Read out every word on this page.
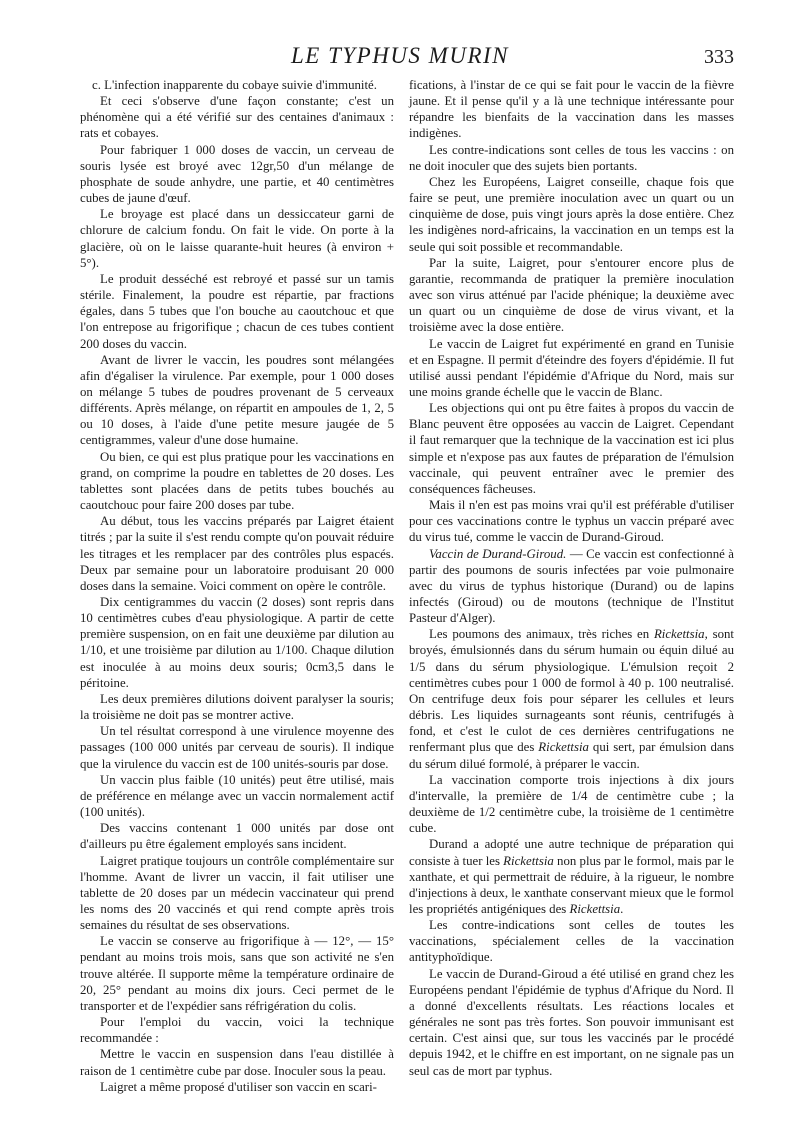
LE TYPHUS MURIN	333

c. L'infection inapparente du cobaye suivie d'immunité.

Et ceci s'observe d'une façon constante; c'est un phénomène qui a été vérifié sur des centaines d'animaux : rats et cobayes.

Pour fabriquer 1 000 doses de vaccin, un cerveau de souris lysée est broyé avec 12gr,50 d'un mélange de phosphate de soude anhydre, une partie, et 40 centimètres cubes de jaune d'œuf.

Le broyage est placé dans un dessiccateur garni de chlorure de calcium fondu. On fait le vide. On porte à la glacière, où on le laisse quarante-huit heures (à environ + 5°).

Le produit desséché est rebroyé et passé sur un tamis stérile. Finalement, la poudre est répartie, par fractions égales, dans 5 tubes que l'on bouche au caoutchouc et que l'on entrepose au frigorifique ; chacun de ces tubes contient 200 doses du vaccin.

Avant de livrer le vaccin, les poudres sont mélangées afin d'égaliser la virulence. Par exemple, pour 1 000 doses on mélange 5 tubes de poudres provenant de 5 cerveaux différents. Après mélange, on répartit en ampoules de 1, 2, 5 ou 10 doses, à l'aide d'une petite mesure jaugée de 5 centigrammes, valeur d'une dose humaine.

Ou bien, ce qui est plus pratique pour les vaccinations en grand, on comprime la poudre en tablettes de 20 doses. Les tablettes sont placées dans de petits tubes bouchés au caoutchouc pour faire 200 doses par tube.

Au début, tous les vaccins préparés par Laigret étaient titrés ; par la suite il s'est rendu compte qu'on pouvait réduire les titrages et les remplacer par des contrôles plus espacés. Deux par semaine pour un laboratoire produisant 20 000 doses dans la semaine. Voici comment on opère le contrôle.

Dix centigrammes du vaccin (2 doses) sont repris dans 10 centimètres cubes d'eau physiologique. A partir de cette première suspension, on en fait une deuxième par dilution au 1/10, et une troisième par dilution au 1/100. Chaque dilution est inoculée à au moins deux souris; 0cm3,5 dans le péritoine.

Les deux premières dilutions doivent paralyser la souris; la troisième ne doit pas se montrer active.

Un tel résultat correspond à une virulence moyenne des passages (100 000 unités par cerveau de souris). Il indique que la virulence du vaccin est de 100 unités-souris par dose.

Un vaccin plus faible (10 unités) peut être utilisé, mais de préférence en mélange avec un vaccin normalement actif (100 unités).

Des vaccins contenant 1 000 unités par dose ont d'ailleurs pu être également employés sans incident.

Laigret pratique toujours un contrôle complémentaire sur l'homme. Avant de livrer un vaccin, il fait utiliser une tablette de 20 doses par un médecin vaccinateur qui prend les noms des 20 vaccinés et qui rend compte après trois semaines du résultat de ses observations.

Le vaccin se conserve au frigorifique à — 12°, — 15° pendant au moins trois mois, sans que son activité ne s'en trouve altérée. Il supporte même la température ordinaire de 20, 25° pendant au moins dix jours. Ceci permet de le transporter et de l'expédier sans réfrigération du colis.

Pour l'emploi du vaccin, voici la technique recommandée :

Mettre le vaccin en suspension dans l'eau distillée à raison de 1 centimètre cube par dose. Inoculer sous la peau.

Laigret a même proposé d'utiliser son vaccin en scari-

fications, à l'instar de ce qui se fait pour le vaccin de la fièvre jaune. Et il pense qu'il y a là une technique intéressante pour répandre les bienfaits de la vaccination dans les masses indigènes.

Les contre-indications sont celles de tous les vaccins : on ne doit inoculer que des sujets bien portants.

Chez les Européens, Laigret conseille, chaque fois que faire se peut, une première inoculation avec un quart ou un cinquième de dose, puis vingt jours après la dose entière. Chez les indigènes nord-africains, la vaccination en un temps est la seule qui soit possible et recommandable.

Par la suite, Laigret, pour s'entourer encore plus de garantie, recommanda de pratiquer la première inoculation avec son virus atténué par l'acide phénique; la deuxième avec un quart ou un cinquième de dose de virus vivant, et la troisième avec la dose entière.

Le vaccin de Laigret fut expérimenté en grand en Tunisie et en Espagne. Il permit d'éteindre des foyers d'épidémie. Il fut utilisé aussi pendant l'épidémie d'Afrique du Nord, mais sur une moins grande échelle que le vaccin de Blanc.

Les objections qui ont pu être faites à propos du vaccin de Blanc peuvent être opposées au vaccin de Laigret. Cependant il faut remarquer que la technique de la vaccination est ici plus simple et n'expose pas aux fautes de préparation de l'émulsion vaccinale, qui peuvent entraîner avec le premier des conséquences fâcheuses.

Mais il n'en est pas moins vrai qu'il est préférable d'utiliser pour ces vaccinations contre le typhus un vaccin préparé avec du virus tué, comme le vaccin de Durand-Giroud.

Vaccin de Durand-Giroud. — Ce vaccin est confectionné à partir des poumons de souris infectées par voie pulmonaire avec du virus de typhus historique (Durand) ou de lapins infectés (Giroud) ou de moutons (technique de l'Institut Pasteur d'Alger).

Les poumons des animaux, très riches en Rickettsia, sont broyés, émulsionnés dans du sérum humain ou équin dilué au 1/5 dans du sérum physiologique. L'émulsion reçoit 2 centimètres cubes pour 1 000 de formol à 40 p. 100 neutralisé. On centrifuge deux fois pour séparer les cellules et leurs débris. Les liquides surnageants sont réunis, centrifugés à fond, et c'est le culot de ces dernières centrifugations ne renfermant plus que des Rickettsia qui sert, par émulsion dans du sérum dilué formolé, à préparer le vaccin.

La vaccination comporte trois injections à dix jours d'intervalle, la première de 1/4 de centimètre cube ; la deuxième de 1/2 centimètre cube, la troisième de 1 centimètre cube.

Durand a adopté une autre technique de préparation qui consiste à tuer les Rickettsia non plus par le formol, mais par le xanthate, et qui permettrait de réduire, à la rigueur, le nombre d'injections à deux, le xanthate conservant mieux que le formol les propriétés antigéniques des Rickettsia.

Les contre-indications sont celles de toutes les vaccinations, spécialement celles de la vaccination antityphoïdique.

Le vaccin de Durand-Giroud a été utilisé en grand chez les Européens pendant l'épidémie de typhus d'Afrique du Nord. Il a donné d'excellents résultats. Les réactions locales et générales ne sont pas très fortes. Son pouvoir immunisant est certain. C'est ainsi que, sur tous les vaccinés par le procédé depuis 1942, et le chiffre en est important, on ne signale pas un seul cas de mort par typhus.
